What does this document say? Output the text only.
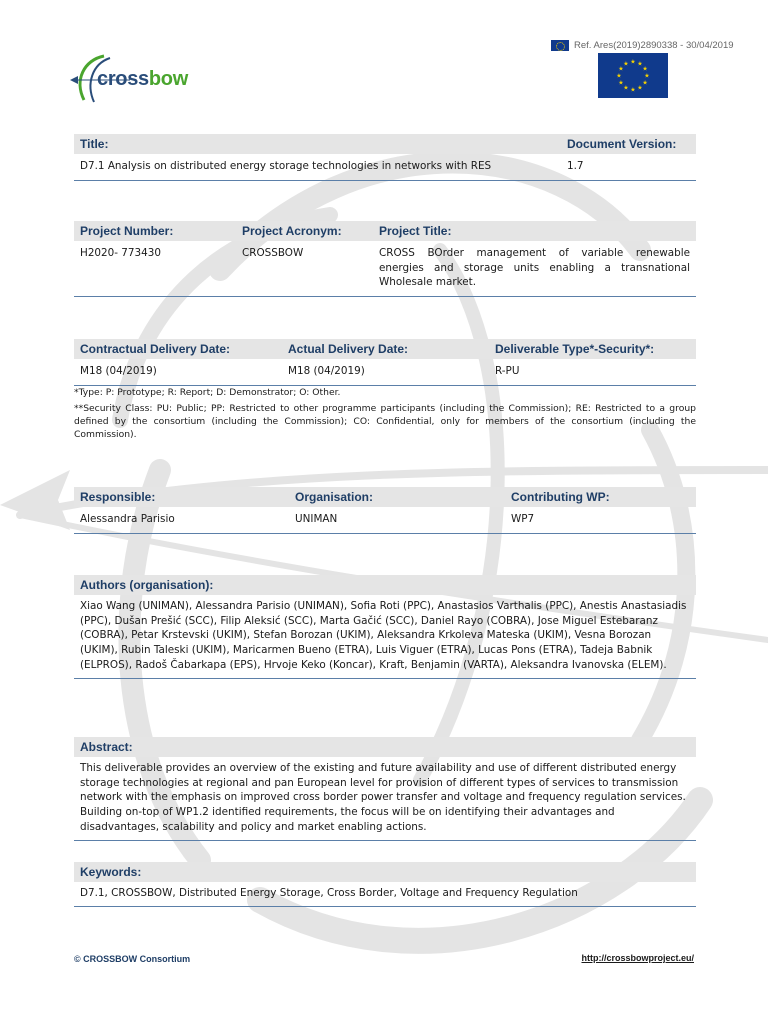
crossbow
Ref. Ares(2019)2890338 - 30/04/2019
★ ★
★
★
★
★
★
★
★
★
★
★
Title:	Document Version:
D7.1 Analysis on distributed energy storage technologies in networks with RES	1.7
Project Number:	Project Acronym:	Project Title:
H2020- 773430	CROSSBOW	CROSS BOrder management of variable renewable energies and storage units enabling a transnational Wholesale market.
Contractual Delivery Date:	Actual Delivery Date:	Deliverable Type*-Security*:
M18 (04/2019)	M18 (04/2019)	R-PU
*Type: P: Prototype; R: Report; D: Demonstrator; O: Other.
**Security Class: PU: Public; PP: Restricted to other programme participants (including the Commission); RE: Restricted to a group defined by the consortium (including the Commission); CO: Confidential, only for members of the consortium (including the Commission).
Responsible:	Organisation:	Contributing WP:
Alessandra Parisio	UNIMAN	WP7
Authors (organisation):
Xiao Wang (UNIMAN), Alessandra Parisio (UNIMAN), Sofia Roti (PPC), Anastasios Varthalis (PPC), Anestis Anastasiadis (PPC), Dušan Prešić (SCC), Filip Aleksić (SCC), Marta Gačić (SCC), Daniel Rayo (COBRA), Jose Miguel Estebaranz (COBRA), Petar Krstevski (UKIM), Stefan Borozan (UKIM), Aleksandra Krkoleva Mateska (UKIM), Vesna Borozan (UKIM), Rubin Taleski (UKIM), Maricarmen Bueno (ETRA), Luis Viguer (ETRA), Lucas Pons (ETRA), Tadeja Babnik (ELPROS), Radoš Čabarkapa (EPS), Hrvoje Keko (Koncar), Kraft, Benjamin (VARTA), Aleksandra Ivanovska (ELEM).
Abstract:
This deliverable provides an overview of the existing and future availability and use of different distributed energy storage technologies at regional and pan European level for provision of different types of services to transmission network with the emphasis on improved cross border power transfer and voltage and frequency regulation services. Building on-top of WP1.2 identified requirements, the focus will be on identifying their advantages and disadvantages, scalability and policy and market enabling actions.
Keywords:
D7.1, CROSSBOW, Distributed Energy Storage, Cross Border, Voltage and Frequency Regulation
© CROSSBOW Consortium	http://crossbowproject.eu/
